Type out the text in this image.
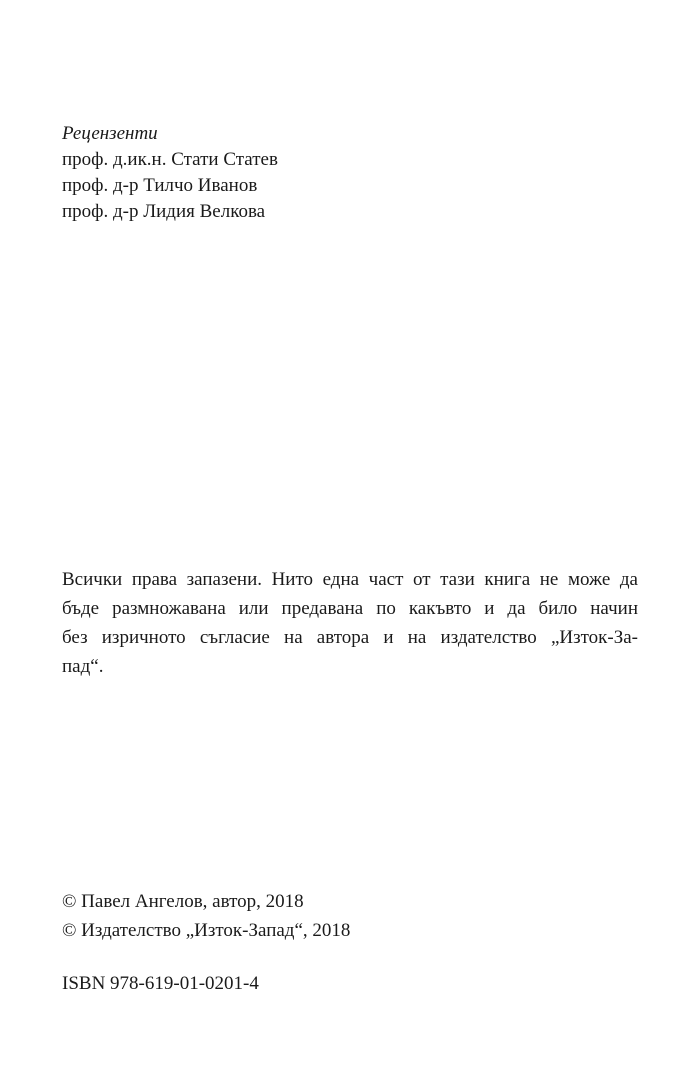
Рецензенти
проф. д.ик.н. Стати Статев
проф. д-р Тилчо Иванов
проф. д-р Лидия Велкова
Всички права запазени. Нито една част от тази книга не може да
бъде размножавана или предавана по какъвто и да било начин
без изричното съгласие на автора и на издателство „Изток-За-
пад“.
© Павел Ангелов, автор, 2018
© Издателство „Изток-Запад“, 2018
ISBN 978-619-01-0201-4
